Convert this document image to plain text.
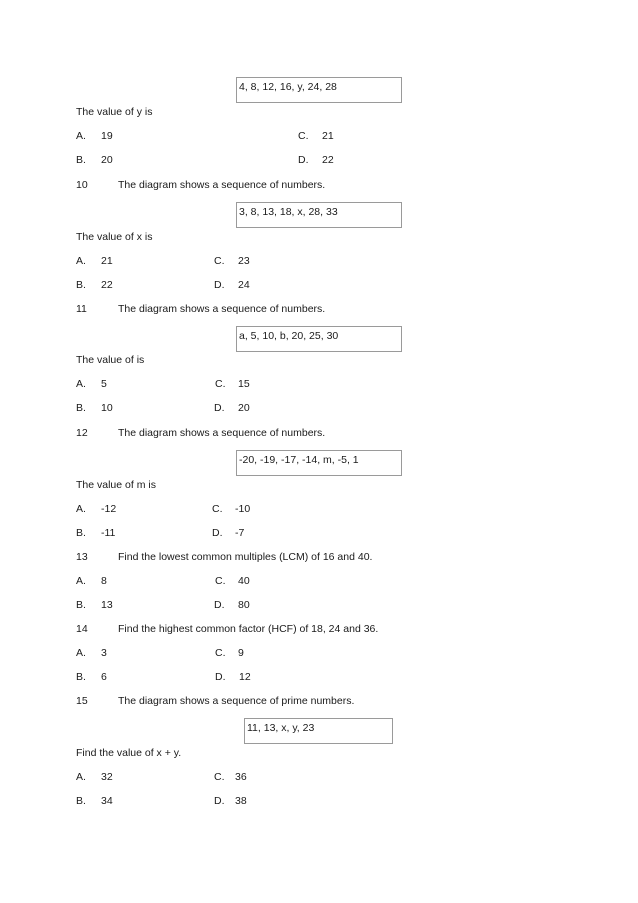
4, 8, 12, 16, y, 24, 28
The value of y is
A. 19	C. 21
B. 20	D. 22
10	The diagram shows a sequence of numbers.
3, 8, 13, 18, x, 28, 33
The value of x is
A. 21	C. 23
B. 22	D. 24
11	The diagram shows a sequence of numbers.
a, 5, 10, b, 20, 25, 30
The value of is
A. 5	C. 15
B. 10	D. 20
12	The diagram shows a sequence of numbers.
-20, -19, -17, -14, m, -5, 1
The value of m is
A. -12	C. -10
B. -11	D. -7
13	Find the lowest common multiples (LCM) of 16 and 40.
A. 8	C. 40
B. 13	D. 80
14	Find the highest common factor (HCF) of 18, 24 and 36.
A. 3	C. 9
B. 6	D. 12
15	The diagram shows a sequence of prime numbers.
11, 13, x, y, 23
Find the value of x + y.
A. 32	C. 36
B. 34	D. 38
